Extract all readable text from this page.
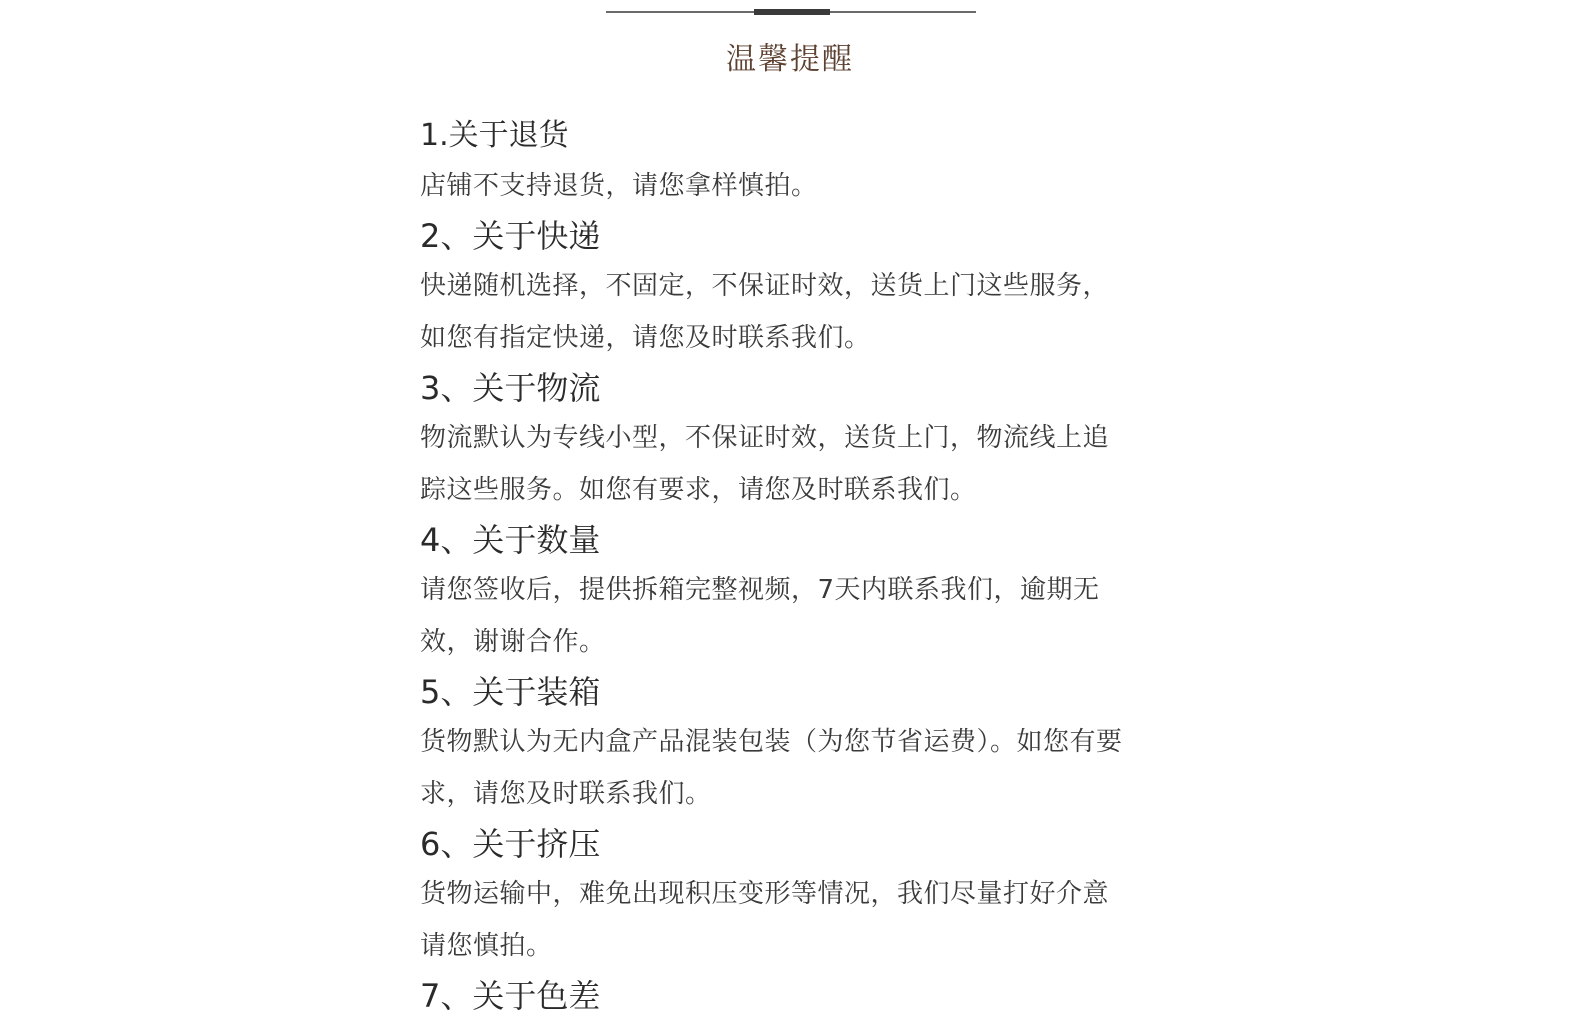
温馨提醒

1.关于退货

店铺不支持退货，请您拿样慎拍。

2、关于快递

快递随机选择，不固定，不保证时效，送货上门这些服务，如您有指定快递，请您及时联系我们。

3、关于物流

物流默认为专线小型，不保证时效，送货上门，物流线上追踪这些服务。如您有要求，请您及时联系我们。

4、关于数量

请您签收后，提供拆箱完整视频，7天内联系我们，逾期无效，谢谢合作。

5、关于装箱

货物默认为无内盒产品混装包装（为您节省运费）。如您有要求，请您及时联系我们。

6、关于挤压

货物运输中，难免出现积压变形等情况，我们尽量打好介意请您慎拍。

7、关于色差
